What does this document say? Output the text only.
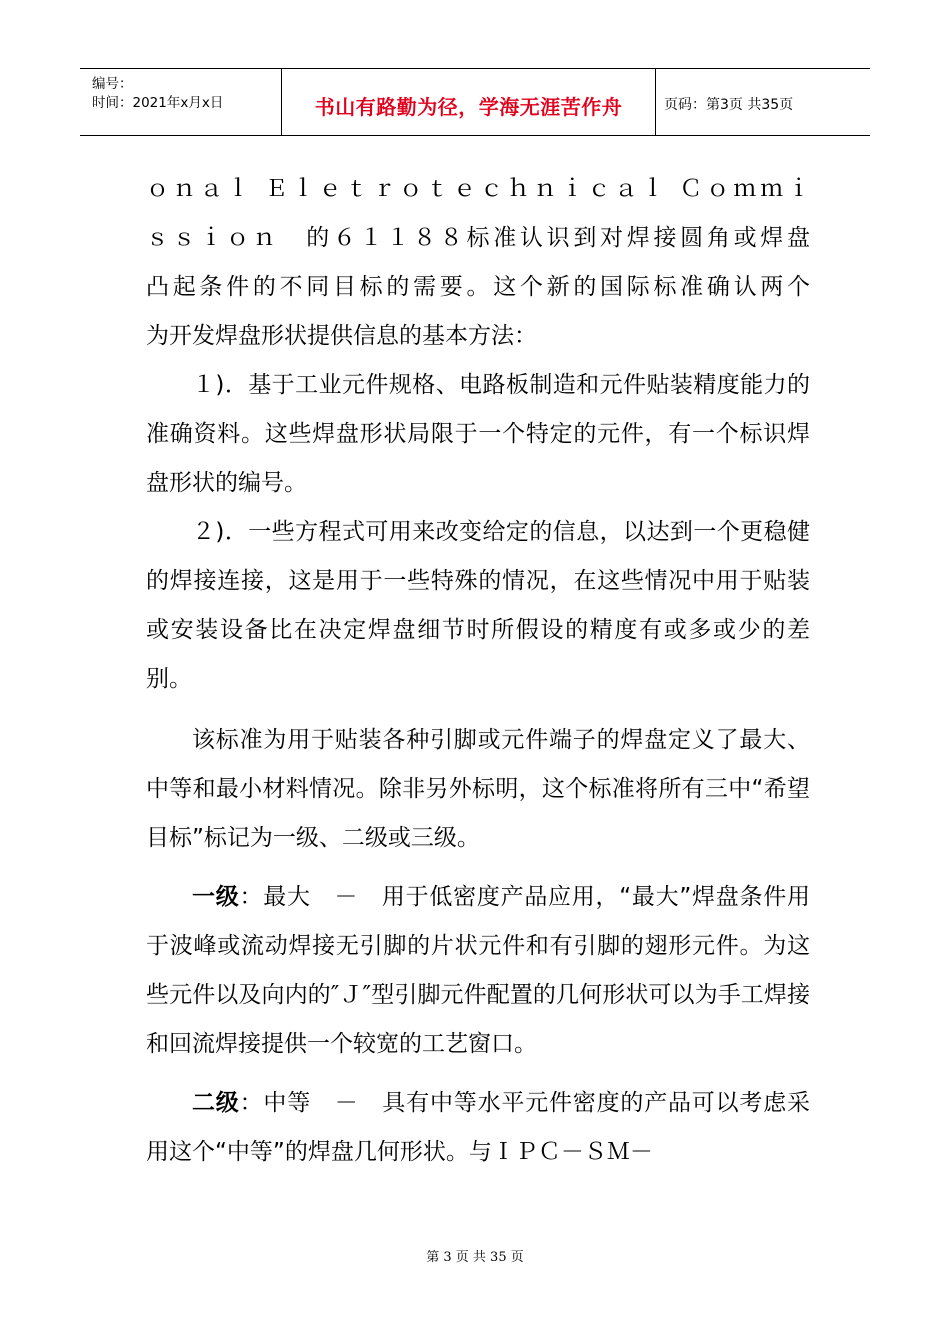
编号：
时间：2021年x月x日	书山有路勤为径，学海无涯苦作舟	页码：第3页 共35页
ｏｎａｌ Ｅｌｅｔｒｏｔｅｃｈｎｉｃａｌ Ｃｏｍｍｉ
ｓｓｉｏｎ　的６１１８８标准认识到对焊接圆角或焊盘
凸起条件的不同目标的需要。这个新的国际标准确认两个

为开发焊盘形状提供信息的基本方法：

１)．基于工业元件规格、电路板制造和元件贴装精度能力的准确资料。这些焊盘形状局限于一个特定的元件，有一个标识焊盘形状的编号。

２)．一些方程式可用来改变给定的信息，以达到一个更稳健的焊接连接，这是用于一些特殊的情况，在这些情况中用于贴装或安装设备比在决定焊盘细节时所假设的精度有或多或少的差别。

该标准为用于贴装各种引脚或元件端子的焊盘定义了最大、中等和最小材料情况。除非另外标明，这个标准将所有三中“希望目标”标记为一级、二级或三级。

一级：最大　－　用于低密度产品应用，“最大”焊盘条件用于波峰或流动焊接无引脚的片状元件和有引脚的翅形元件。为这些元件以及向内的″Ｊ″型引脚元件配置的几何形状可以为手工焊接和回流焊接提供一个较宽的工艺窗口。

二级：中等　－　具有中等水平元件密度的产品可以考虑采用这个“中等”的焊盘几何形状。与ＩＰＣ－ＳＭ－

第 3 页 共 35 页
